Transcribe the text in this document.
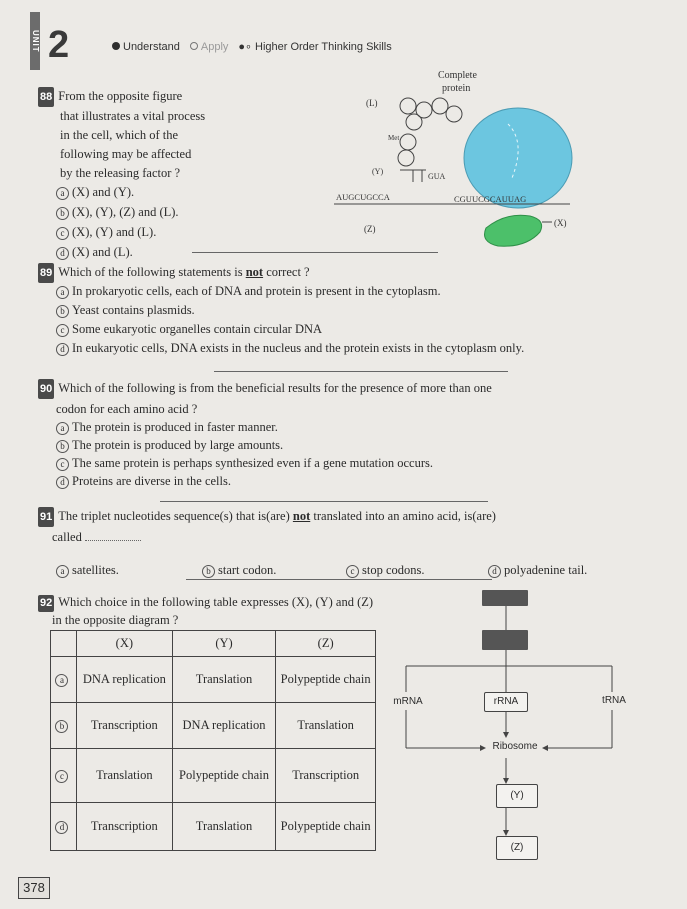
UNIT 2	Understand	Apply ●∘ Higher Order Thinking Skills
88 From the opposite figure
that illustrates a vital process
in the cell, which of the
following may be affected
by the releasing factor ?
a (X) and (Y).
b (X), (Y), (Z) and (L).
c (X), (Y) and (L).
d (X) and (L).
Complete
protein
(L)
Met
(Y)
GUA
AUGCUGCCA	CGUUCGCAUUAG
(Z)
(X)
89 Which of the following statements is not correct ?
a In prokaryotic cells, each of DNA and protein is present in the cytoplasm.
b Yeast contains plasmids.
c Some eukaryotic organelles contain circular DNA
d In eukaryotic cells, DNA exists in the nucleus and the protein exists in the cytoplasm only.
90 Which of the following is from the beneficial results for the presence of more than one
codon for each amino acid ?
a The protein is produced in faster manner.
b The protein is produced by large amounts.
c The same protein is perhaps synthesized even if a gene mutation occurs.
d Proteins are diverse in the cells.
91 The triplet nucleotides sequence(s) that is(are) not translated into an amino acid, is(are)
called
a satellites.	b start codon.	c stop codons.	d polyadenine tail.
92 Which choice in the following table expresses (X), (Y) and (Z)
in the opposite diagram ?
	(X)	(Y)	(Z)
a	DNA replication	Translation	Polypeptide chain
b	Transcription	DNA replication	Translation
c	Translation	Polypeptide chain	Transcription
d	Transcription	Translation	Polypeptide chain
mRNA	rRNA	tRNA
Ribosome
(Y)
(Z)
378
